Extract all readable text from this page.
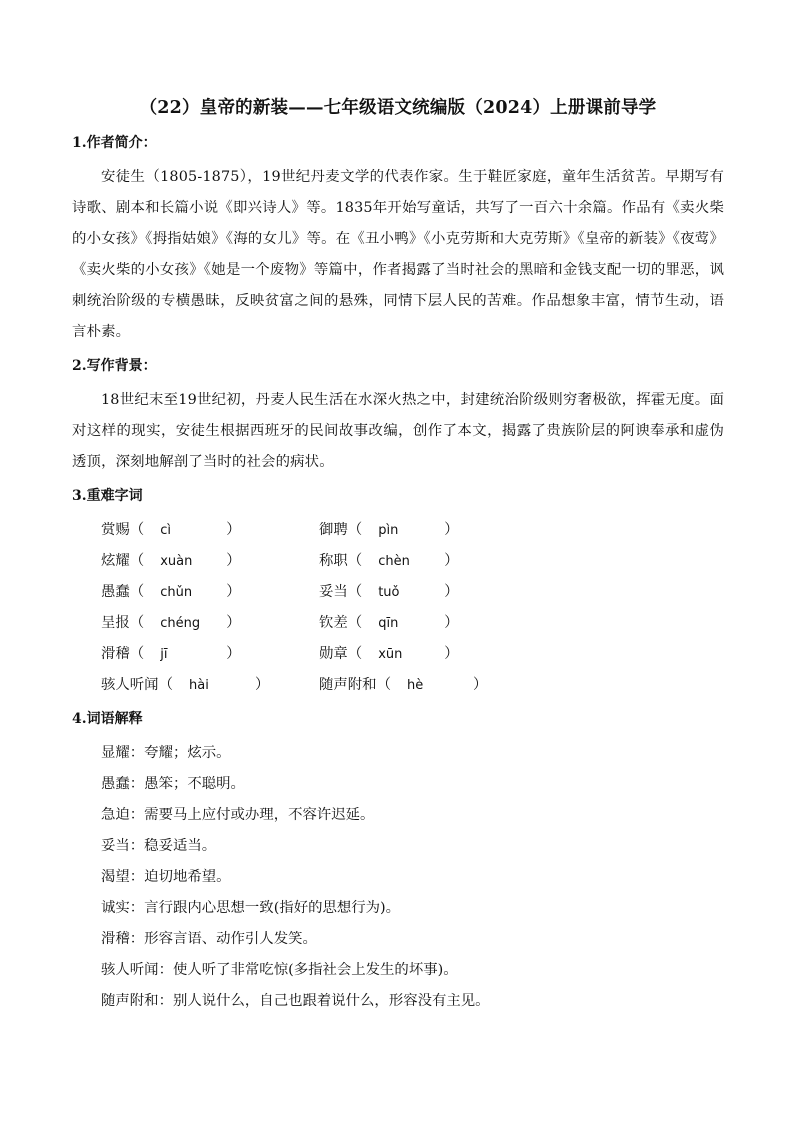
（22）皇帝的新装——七年级语文统编版（2024）上册课前导学
1.作者简介：

安徒生（1805-1875），19世纪丹麦文学的代表作家。生于鞋匠家庭，童年生活贫苦。早期写有诗歌、剧本和长篇小说《即兴诗人》等。1835年开始写童话，共写了一百六十余篇。作品有《卖火柴的小女孩》《拇指姑娘》《海的女儿》等。在《丑小鸭》《小克劳斯和大克劳斯》《皇帝的新装》《夜莺》《卖火柴的小女孩》《她是一个废物》等篇中，作者揭露了当时社会的黑暗和金钱支配一切的罪恶，讽刺统治阶级的专横愚昧，反映贫富之间的悬殊，同情下层人民的苦难。作品想象丰富，情节生动，语言朴素。

2.写作背景：

18世纪末至19世纪初，丹麦人民生活在水深火热之中，封建统治阶级则穷奢极欲，挥霍无度。面对这样的现实，安徒生根据西班牙的民间故事改编，创作了本文，揭露了贵族阶层的阿谀奉承和虚伪透顶，深刻地解剖了当时的社会的病状。

3.重难字词
赏赐 （	cì	）	御聘 （	pìn	）
炫耀 （	xuàn	）	称职 （	chèn	）
愚蠢 （	chǔn	）	妥当 （	tuǒ	）
呈报 （	chéng	）	钦差 （	qīn	）
滑稽 （	jī	）	勋章 （	xūn	）
骇人听闻 （	hài	）	随声附和 （	hè	）
4.词语解释
显耀：夸耀；炫示。
愚蠢：愚笨；不聪明。
急迫：需要马上应付或办理，不容许迟延。
妥当：稳妥适当。
渴望：迫切地希望。
诚实：言行跟内心思想一致(指好的思想行为)。
滑稽：形容言语、动作引人发笑。
骇人听闻：使人听了非常吃惊(多指社会上发生的坏事)。
随声附和：别人说什么，自己也跟着说什么，形容没有主见。
